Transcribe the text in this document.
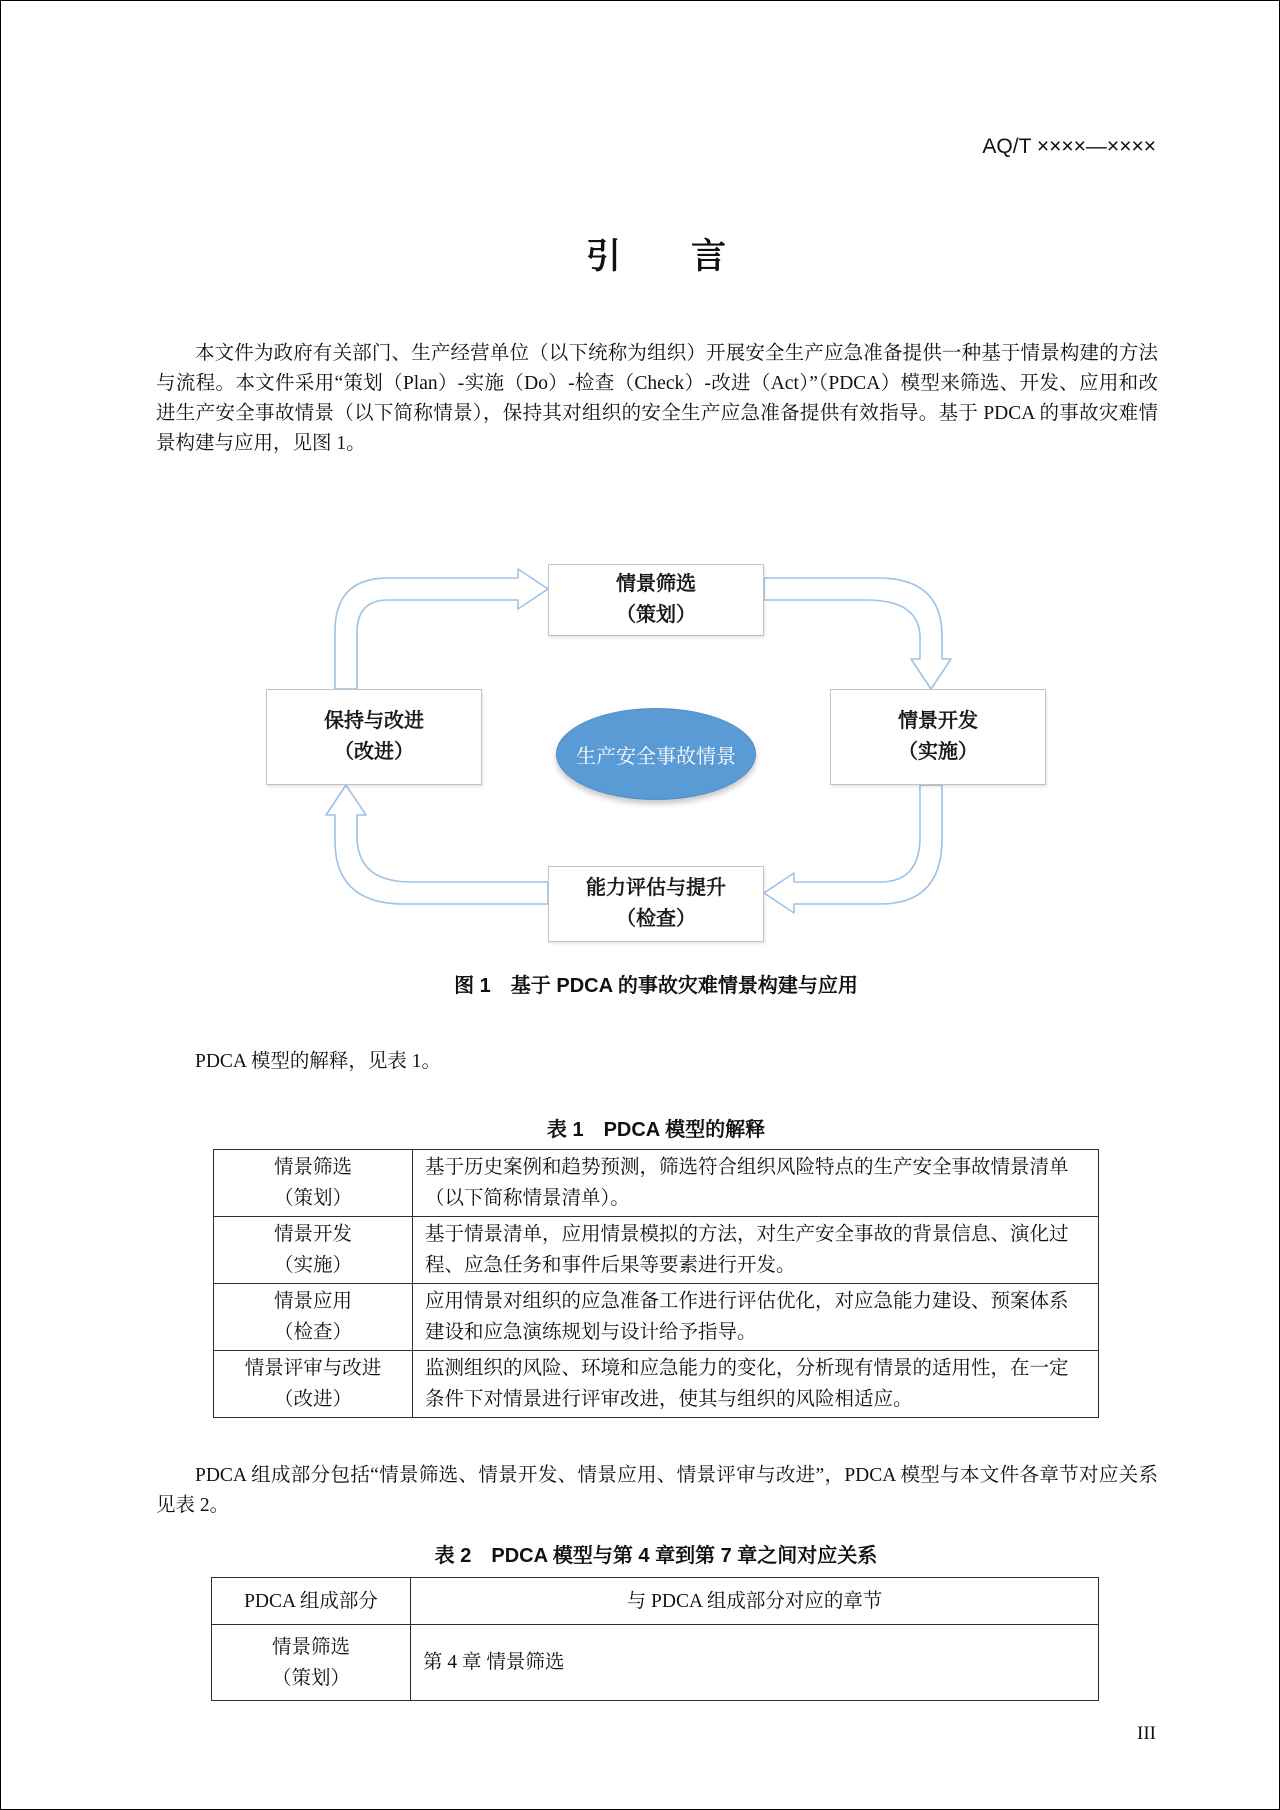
AQ/T ××××—××××
引　　言
本文件为政府有关部门、生产经营单位（以下统称为组织）开展安全生产应急准备提供一种基于情景构建的方法与流程。本文件采用“策划（Plan）-实施（Do）-检查（Check）-改进（Act）”（PDCA）模型来筛选、开发、应用和改进生产安全事故情景（以下简称情景），保持其对组织的安全生产应急准备提供有效指导。基于 PDCA 的事故灾难情景构建与应用，见图 1。
情景筛选
（策划）
情景开发
（实施）
能力评估与提升
（检查）
保持与改进
（改进）	生产安全事故情景
图 1　基于 PDCA 的事故灾难情景构建与应用
PDCA 模型的解释，见表 1。
表 1　PDCA 模型的解释
情景筛选
（策划）	基于历史案例和趋势预测，筛选符合组织风险特点的生产安全事故情景清单（以下简称情景清单）。

情景开发
（实施）	基于情景清单，应用情景模拟的方法，对生产安全事故的背景信息、演化过程、应急任务和事件后果等要素进行开发。

情景应用
（检查）	应用情景对组织的应急准备工作进行评估优化，对应急能力建设、预案体系建设和应急演练规划与设计给予指导。

情景评审与改进
（改进）	监测组织的风险、环境和应急能力的变化，分析现有情景的适用性，在一定条件下对情景进行评审改进，使其与组织的风险相适应。
PDCA 组成部分包括“情景筛选、情景开发、情景应用、情景评审与改进”，PDCA 模型与本文件各章节对应关系见表 2。
表 2　PDCA 模型与第 4 章到第 7 章之间对应关系
PDCA 组成部分	与 PDCA 组成部分对应的章节

情景筛选
（策划）	第 4 章 情景筛选
III
